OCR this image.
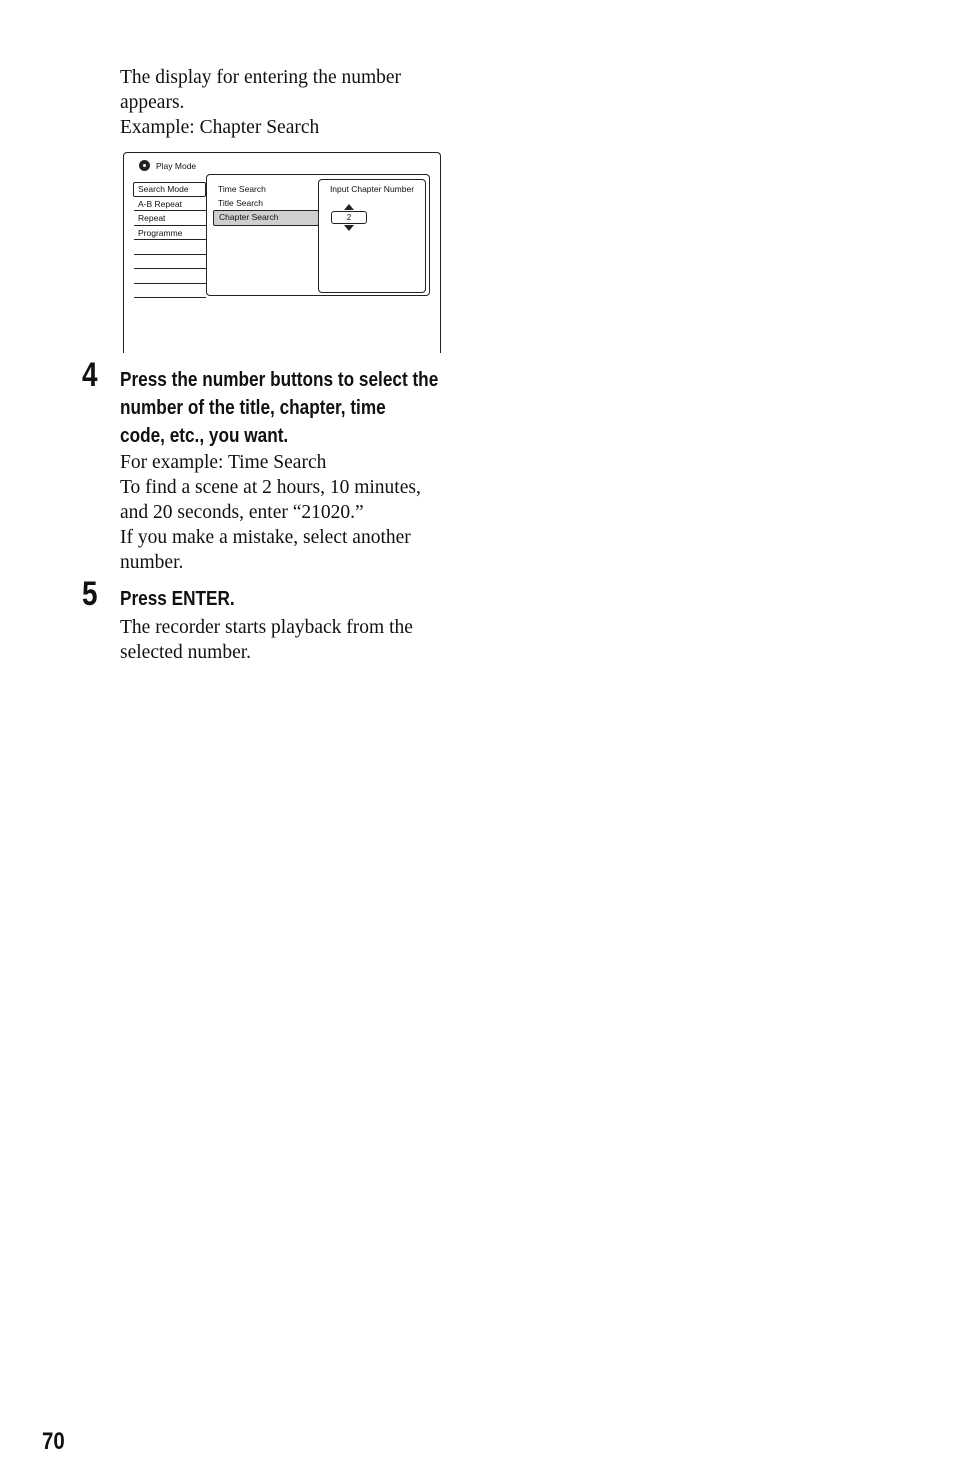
The display for entering the number
appears.
Example: Chapter Search

Play Mode
Search Mode
A-B Repeat
Repeat
Programme
Time Search
Title Search
Chapter Search
Input Chapter Number
2
4 Press the number buttons to select the
number of the title, chapter, time
code, etc., you want.

For example: Time Search
To find a scene at 2 hours, 10 minutes,
and 20 seconds, enter “21020.”
If you make a mistake, select another
number.

5 Press ENTER.

The recorder starts playback from the
selected number.

70
